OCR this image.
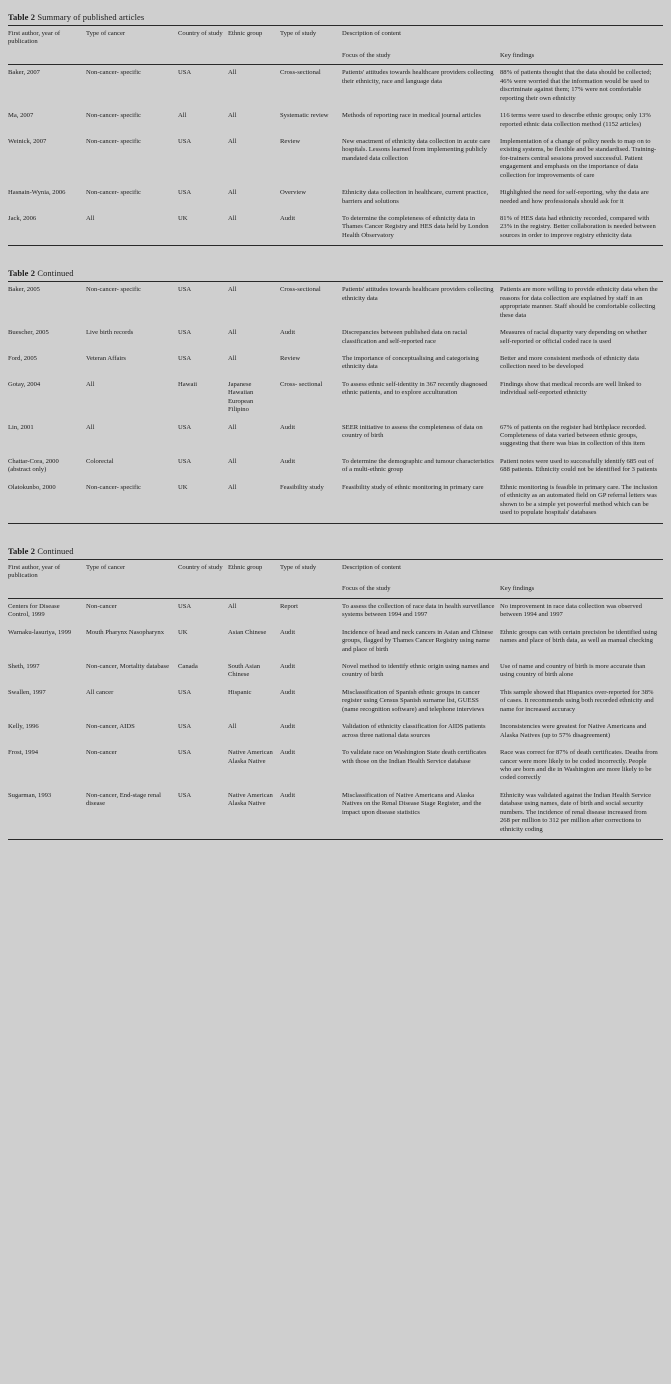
Table 2 Summary of published articles
First author, year of publication	Type of cancer	Country of study	Ethnic group	Type of study	Description of content	
					Focus of the study	Key findings
Baker, 2007	Non-cancer- specific	USA	All	Cross-sectional	Patients' attitudes towards healthcare providers collecting their ethnicity, race and language data	88% of patients thought that the data should be collected; 46% were worried that the information would be used to discriminate against them; 17% were not comfortable reporting their own ethnicity
Ma, 2007	Non-cancer- specific	All	All	Systematic review	Methods of reporting race in medical journal articles	116 terms were used to describe ethnic groups; only 13% reported ethnic data collection method (1152 articles)
Weinick, 2007	Non-cancer- specific	USA	All	Review	New enactment of ethnicity data collection in acute care hospitals. Lessons learned from implementing publicly mandated data collection	Implementation of a change of policy needs to map on to existing systems, be flexible and be standardised. Training-for-trainers central sessions proved successful. Patient engagement and emphasis on the importance of data collection for improvements of care
Hasnain-Wynia, 2006	Non-cancer- specific	USA	All	Overview	Ethnicity data collection in healthcare, current practice, barriers and solutions	Highlighted the need for self-reporting, why the data are needed and how professionals should ask for it
Jack, 2006	All	UK	All	Audit	To determine the completeness of ethnicity data in Thames Cancer Registry and HES data held by London Health Observatory	81% of HES data had ethnicity recorded, compared with 23% in the registry. Better collaboration is needed between sources in order to improve registry ethnicity data
Table 2 Continued
Baker, 2005	Non-cancer- specific	USA	All	Cross-sectional	Patients' attitudes towards healthcare providers collecting ethnicity data	Patients are more willing to provide ethnicity data when the reasons for data collection are explained by staff in an appropriate manner. Staff should be comfortable collecting these data
Buescher, 2005	Live birth records	USA	All	Audit	Discrepancies between published data on racial classification and self-reported race	Measures of racial disparity vary depending on whether self-reported or official coded race is used
Ford, 2005	Veteran Affairs	USA	All	Review	The importance of conceptualising and categorising ethnicity data	Better and more consistent methods of ethnicity data collection need to be developed
Gotay, 2004	All	Hawaii	Japanese Hawaiian European Filipino	Cross- sectional	To assess ethnic self-identity in 367 recently diagnosed ethnic patients, and to explore acculturation	Findings show that medical records are well linked to individual self-reported ethnicity
Lin, 2001	All	USA	All	Audit	SEER initiative to assess the completeness of data on country of birth	67% of patients on the register had birthplace recorded. Completeness of data varied between ethnic groups, suggesting that there was bias in collection of this item
Chattar-Cora, 2000 (abstract only)	Colorectal	USA	All	Audit	To determine the demographic and tumour characteristics of a multi-ethnic group	Patient notes were used to successfully identify 685 out of 688 patients. Ethnicity could not be identified for 3 patients
Olatokunbo, 2000	Non-cancer- specific	UK	All	Feasibility study	Feasibility study of ethnic monitoring in primary care	Ethnic monitoring is feasible in primary care. The inclusion of ethnicity as an automated field on GP referral letters was shown to be a simple yet powerful method which can be used to populate hospitals' databases
Table 2 Continued
First author, year of publication	Type of cancer	Country of study	Ethnic group	Type of study	Description of content	
					Focus of the study	Key findings
Centers for Disease Control, 1999	Non-cancer	USA	All	Report	To assess the collection of race data in health surveillance systems between 1994 and 1997	No improvement in race data collection was observed between 1994 and 1997
Warnaku-lasuriya, 1999	Mouth Pharynx Nasopharynx	UK	Asian Chinese	Audit	Incidence of head and neck cancers in Asian and Chinese groups, flagged by Thames Cancer Registry using name and place of birth	Ethnic groups can with certain precision be identified using names and place of birth data, as well as manual checking
Sheth, 1997	Non-cancer, Mortality database	Canada	South Asian Chinese	Audit	Novel method to identify ethnic origin using names and country of birth	Use of name and country of birth is more accurate than using country of birth alone
Swallen, 1997	All cancer	USA	Hispanic	Audit	Misclassification of Spanish ethnic groups in cancer register using Census Spanish surname list, GUESS (name recognition software) and telephone interviews	This sample showed that Hispanics over-reported for 38% of cases. It recommends using both recorded ethnicity and name for increased accuracy
Kelly, 1996	Non-cancer, AIDS	USA	All	Audit	Validation of ethnicity classification for AIDS patients across three national data sources	Inconsistencies were greatest for Native Americans and Alaska Natives (up to 57% disagreement)
Frost, 1994	Non-cancer	USA	Native American Alaska Native	Audit	To validate race on Washington State death certificates with those on the Indian Health Service database	Race was correct for 87% of death certificates. Deaths from cancer were more likely to be coded incorrectly. People who are born and die in Washington are more likely to be coded correctly
Sugarman, 1993	Non-cancer, End-stage renal disease	USA	Native American Alaska Native	Audit	Misclassification of Native Americans and Alaska Natives on the Renal Disease Stage Register, and the impact upon disease statistics	Ethnicity was validated against the Indian Health Service database using names, date of birth and social security numbers. The incidence of renal disease increased from 268 per million to 312 per million after corrections to ethnicity coding
